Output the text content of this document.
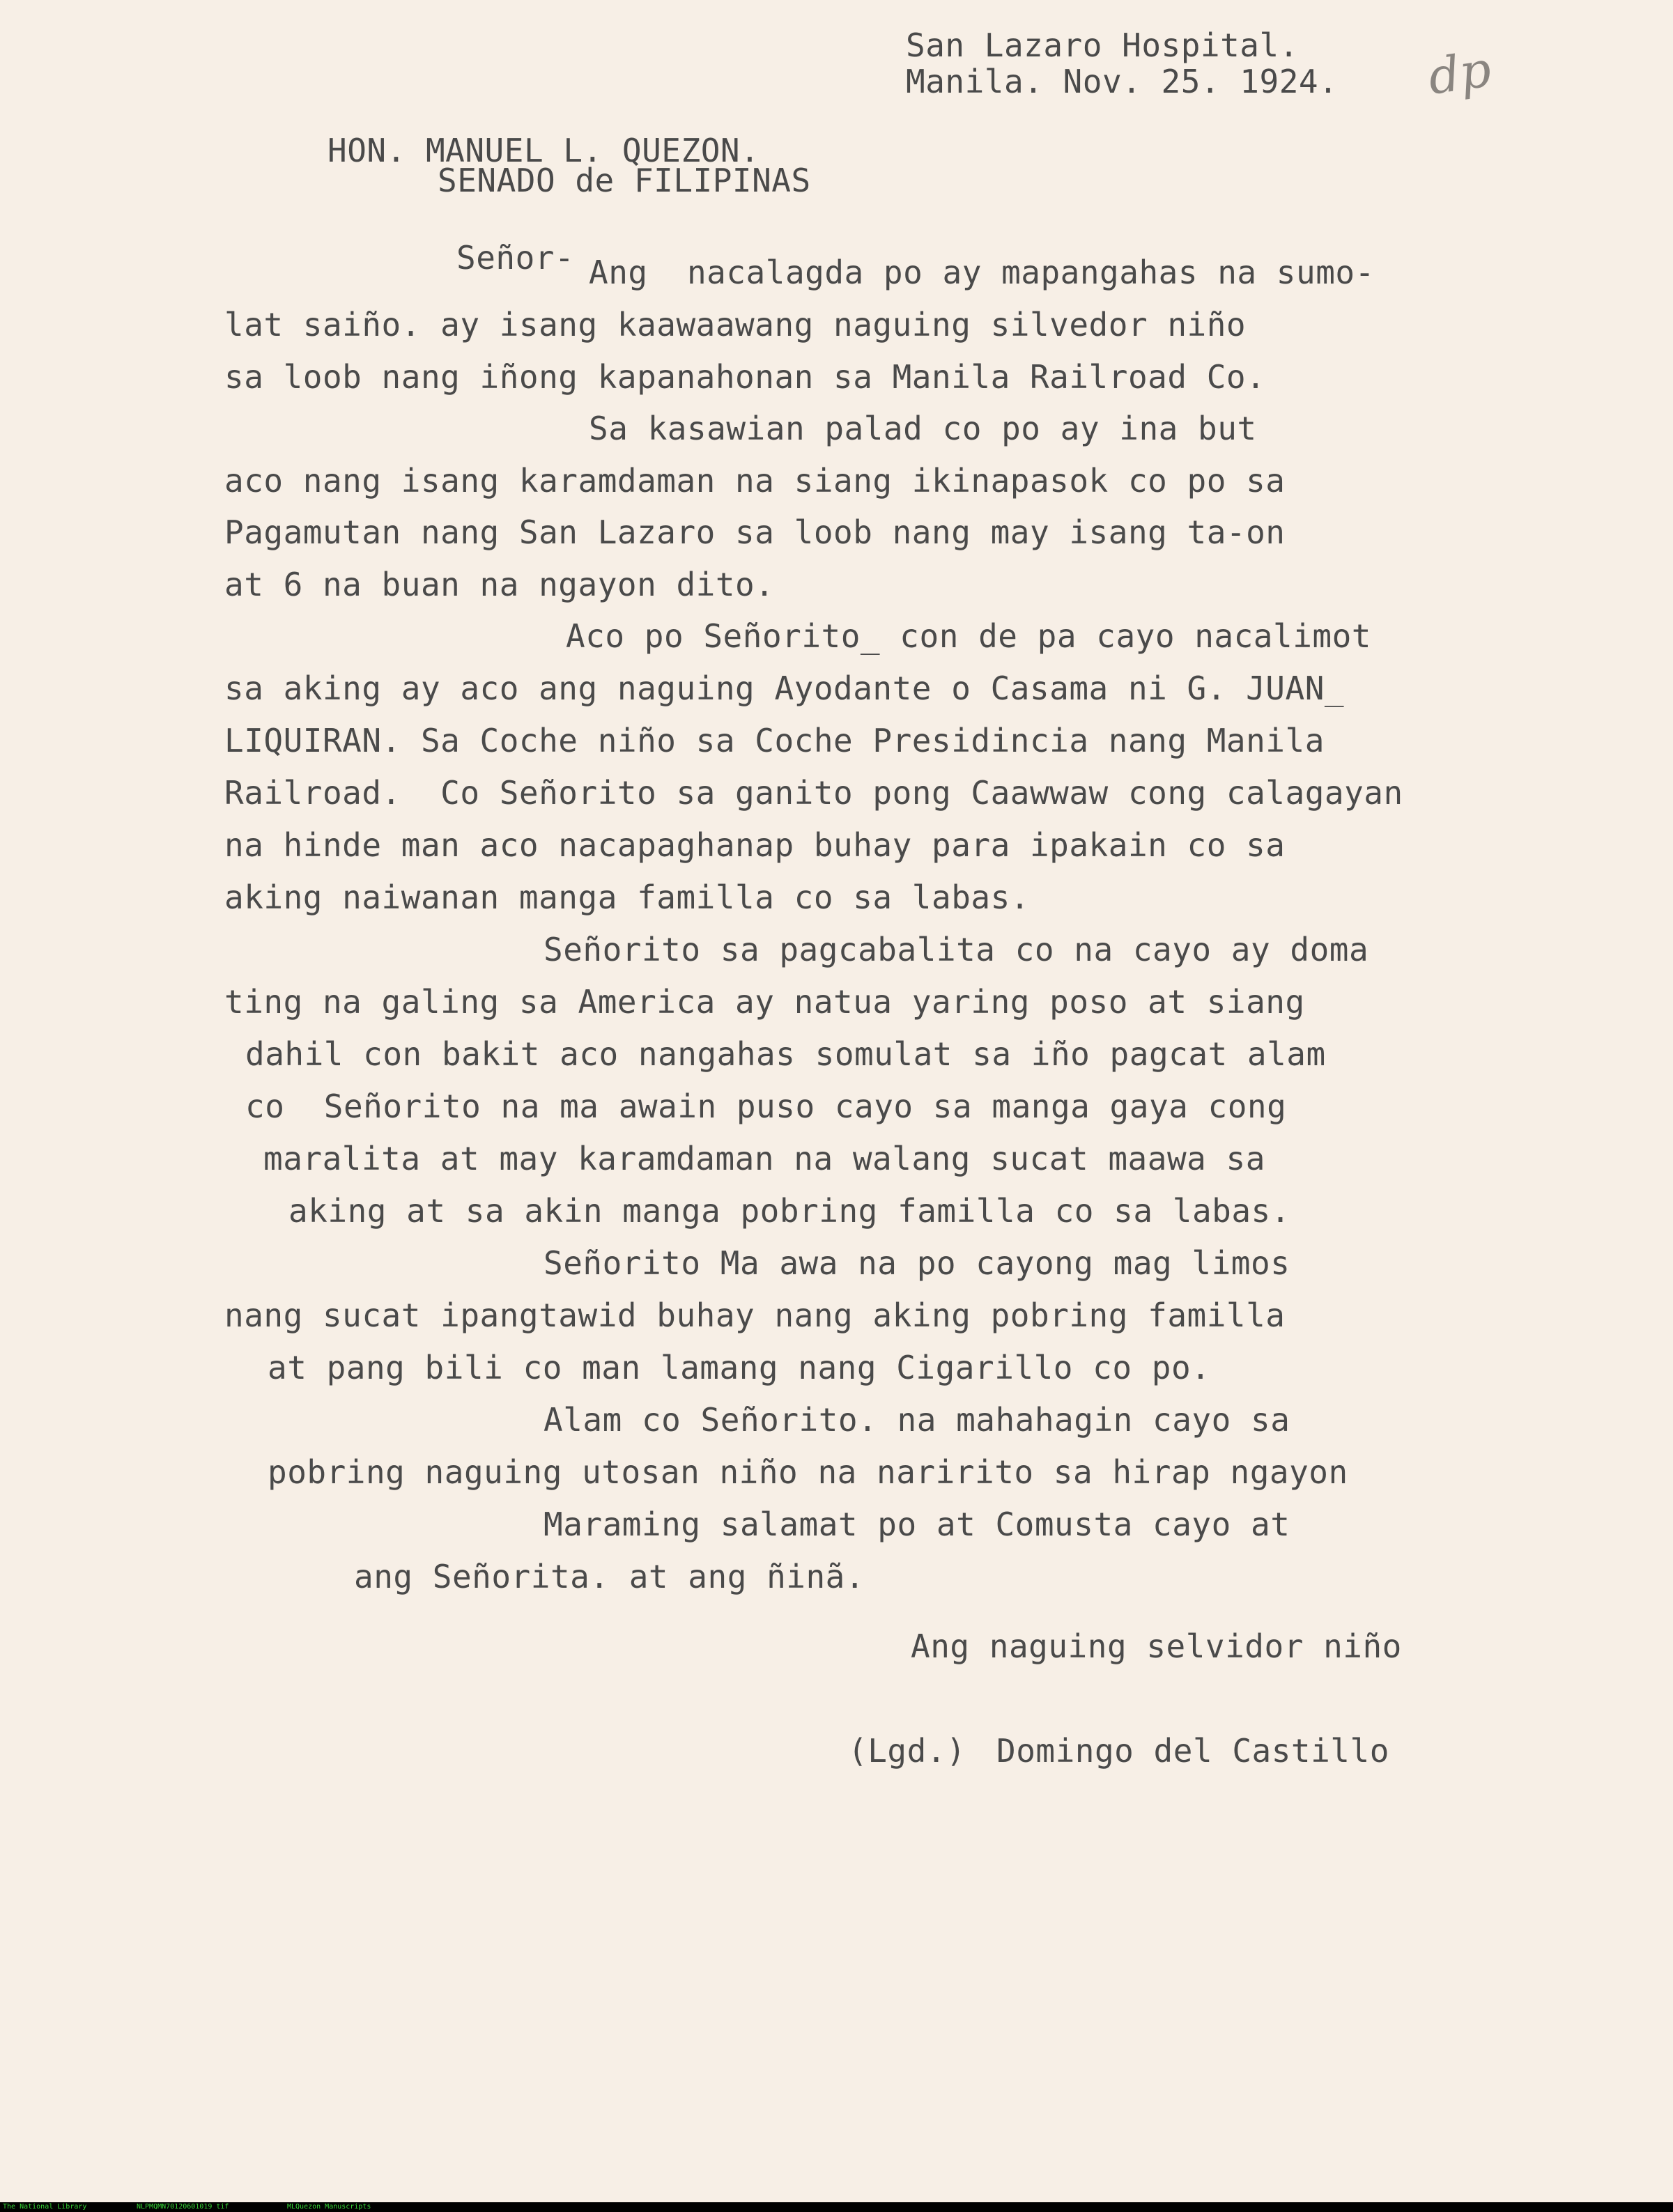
San Lazaro Hospital.
Manila. Nov. 25. 1924. dp
HON. MANUEL L. QUEZON.
SENADO de FILIPINAS
Señor- Ang  nacalagda po ay mapangahas na sumo-
lat saiño. ay isang kaawaawang naguing silvedor niño
sa loob nang iñong kapanahonan sa Manila Railroad Co.
Sa kasawian palad co po ay ina but
aco nang isang karamdaman na siang ikinapasok co po sa
Pagamutan nang San Lazaro sa loob nang may isang ta-on
at 6 na buan na ngayon dito.
Aco po Señorito_ con de pa cayo nacalimot
sa aking ay aco ang naguing Ayodante o Casama ni G. JUAN_
LIQUIRAN. Sa Coche niño sa Coche Presidincia nang Manila
Railroad.  Co Señorito sa ganito pong Caawwaw cong calagayan
na hinde man aco nacapaghanap buhay para ipakain co sa
aking naiwanan manga familla co sa labas.
Señorito sa pagcabalita co na cayo ay doma
ting na galing sa America ay natua yaring poso at siang
dahil con bakit aco nangahas somulat sa iño pagcat alam
co  Señorito na ma awain puso cayo sa manga gaya cong
maralita at may karamdaman na walang sucat maawa sa
aking at sa akin manga pobring familla co sa labas.
Señorito Ma awa na po cayong mag limos
nang sucat ipangtawid buhay nang aking pobring familla
at pang bili co man lamang nang Cigarillo co po.
Alam co Señorito. na mahahagin cayo sa
pobring naguing utosan niño na naririto sa hirap ngayon
Maraming salamat po at Comusta cayo at
ang Señorita. at ang ñinã.
Ang naguing selvidor niño
(Lgd.) Domingo del Castillo
The National Library	NLPMQMN70120601019 tif	MLQuezon Manuscripts
